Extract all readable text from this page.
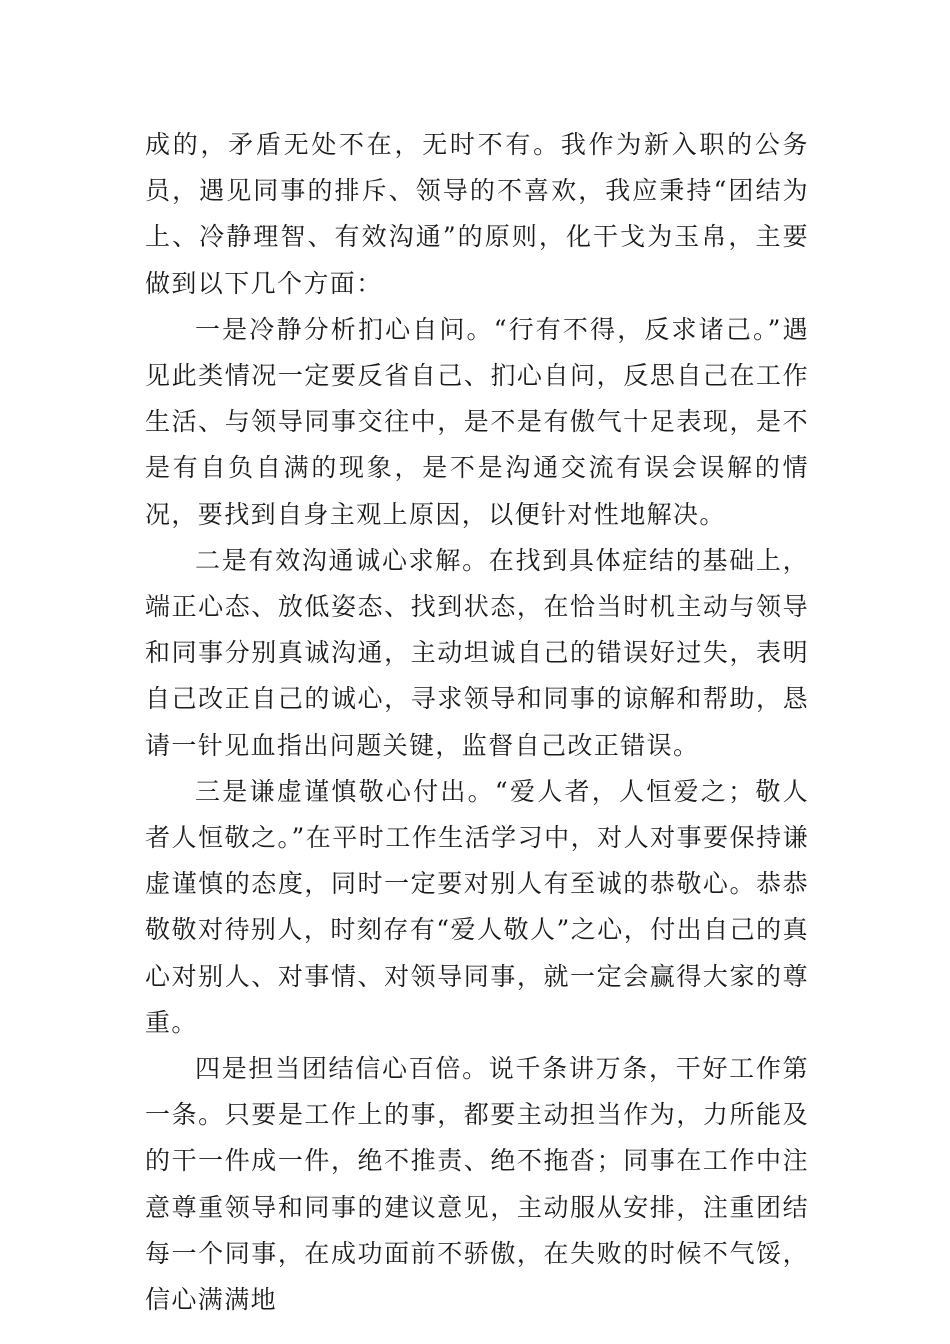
成的，矛盾无处不在，无时不有。我作为新入职的公务员，遇见同事的排斥、领导的不喜欢，我应秉持“团结为上、冷静理智、有效沟通”的原则，化干戈为玉帛，主要做到以下几个方面：

一是冷静分析扪心自问。“行有不得，反求诸己。”遇见此类情况一定要反省自己、扪心自问，反思自己在工作生活、与领导同事交往中，是不是有傲气十足表现，是不是有自负自满的现象，是不是沟通交流有误会误解的情况，要找到自身主观上原因，以便针对性地解决。

二是有效沟通诚心求解。在找到具体症结的基础上，端正心态、放低姿态、找到状态，在恰当时机主动与领导和同事分别真诚沟通，主动坦诚自己的错误好过失，表明自己改正自己的诚心，寻求领导和同事的谅解和帮助，恳请一针见血指出问题关键，监督自己改正错误。

三是谦虚谨慎敬心付出。“爱人者，人恒爱之；敬人者人恒敬之。”在平时工作生活学习中，对人对事要保持谦虚谨慎的态度，同时一定要对别人有至诚的恭敬心。恭恭敬敬对待别人，时刻存有“爱人敬人”之心，付出自己的真心对别人、对事情、对领导同事，就一定会赢得大家的尊重。

四是担当团结信心百倍。说千条讲万条，干好工作第一条。只要是工作上的事，都要主动担当作为，力所能及的干一件成一件，绝不推责、绝不拖沓；同事在工作中注意尊重领导和同事的建议意见，主动服从安排，注重团结每一个同事，在成功面前不骄傲，在失败的时候不气馁，信心满满地
